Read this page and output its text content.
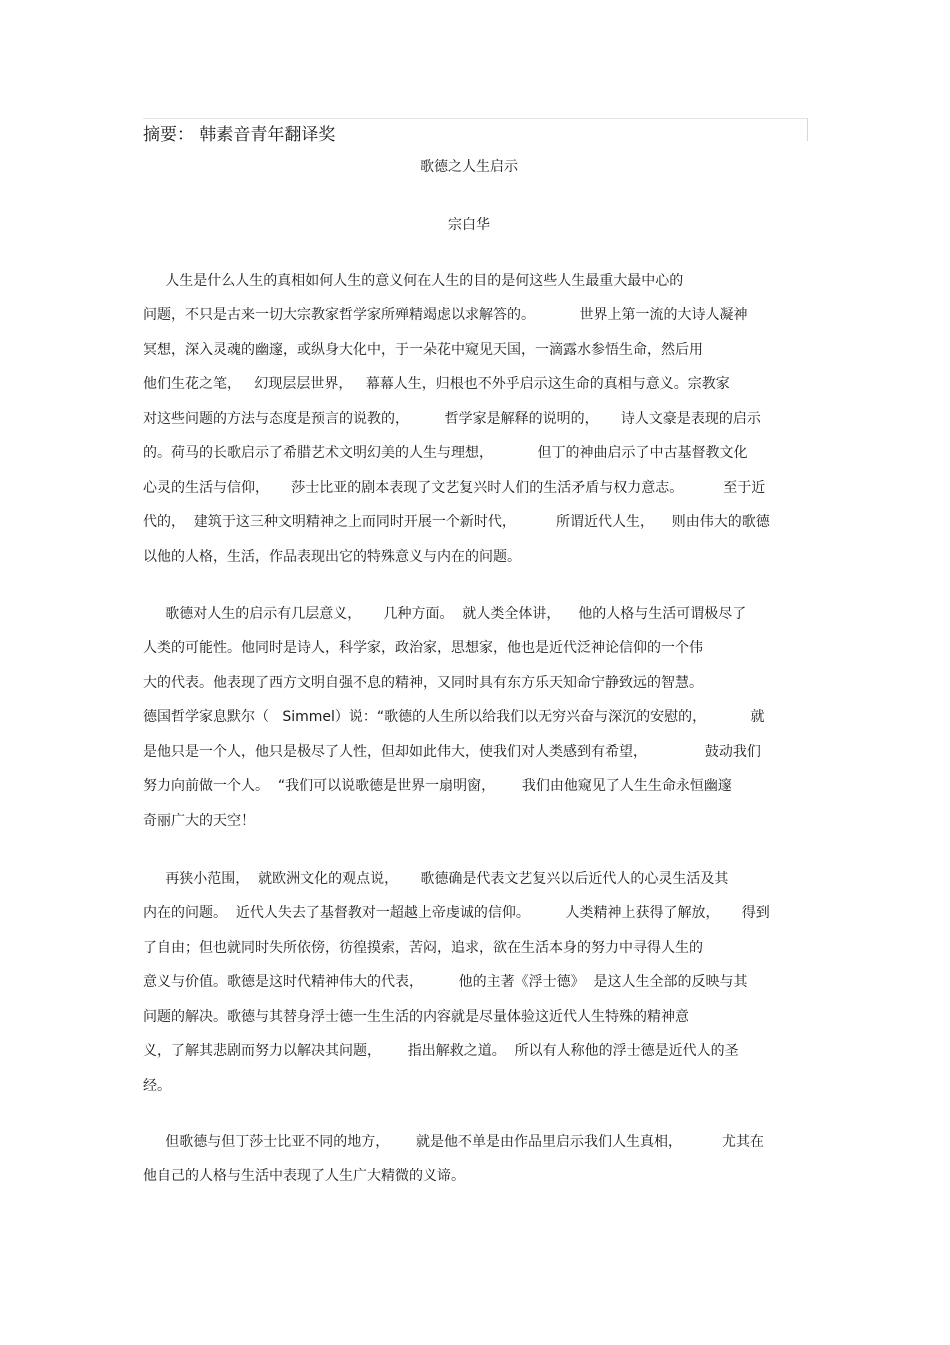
摘要： 韩素音青年翻译奖
歌德之人生启示
宗白华
人生是什么人生的真相如何人生的意义何在人生的目的是何这些人生最重大最中心的
问题，不只是古来一切大宗教家哲学家所殚精竭虑以求解答的。          世界上第一流的大诗人凝神
冥想，深入灵魂的幽邃，或纵身大化中，于一朵花中窥见天国，一滴露水参悟生命，然后用
他们生花之笔，   幻现层层世界，   幕幕人生，归根也不外乎启示这生命的真相与意义。宗教家
对这些问题的方法与态度是预言的说教的，        哲学家是解释的说明的，     诗人文豪是表现的启示
的。荷马的长歌启示了希腊艺术文明幻美的人生与理想，          但丁的神曲启示了中古基督教文化
心灵的生活与信仰，     莎士比亚的剧本表现了文艺复兴时人们的生活矛盾与权力意志。         至于近
代的，  建筑于这三种文明精神之上而同时开展一个新时代，         所谓近代人生，    则由伟大的歌德
以他的人格，生活，作品表现出它的特殊意义与内在的问题。
歌德对人生的启示有几层意义，     几种方面。  就人类全体讲，    他的人格与生活可谓极尽了
人类的可能性。他同时是诗人，科学家，政治家，思想家，他也是近代泛神论信仰的一个伟
大的代表。他表现了西方文明自强不息的精神，又同时具有东方乐天知命宁静致远的智慧。
德国哲学家息默尔（   Simmel）说：“歌德的人生所以给我们以无穷兴奋与深沉的安慰的，          就
是他只是一个人，他只是极尽了人性，但却如此伟大，使我们对人类感到有希望，             鼓动我们
努力向前做一个人。  “我们可以说歌德是世界一扇明窗，      我们由他窥见了人生生命永恒幽邃
奇丽广大的天空！
再狭小范围，  就欧洲文化的观点说，     歌德确是代表文艺复兴以后近代人的心灵生活及其
内在的问题。  近代人失去了基督教对一超越上帝虔诚的信仰。        人类精神上获得了解放，     得到
了自由；但也就同时失所依傍，彷徨摸索，苦闷，追求，欲在生活本身的努力中寻得人生的
意义与价值。歌德是这时代精神伟大的代表，        他的主著《浮士德》  是这人生全部的反映与其
问题的解决。歌德与其替身浮士德一生生活的内容就是尽量体验这近代人生特殊的精神意
义，了解其悲剧而努力以解决其问题，      指出解救之道。  所以有人称他的浮士德是近代人的圣
经。
但歌德与但丁莎士比亚不同的地方，      就是他不单是由作品里启示我们人生真相，         尤其在
他自己的人格与生活中表现了人生广大精微的义谛。
